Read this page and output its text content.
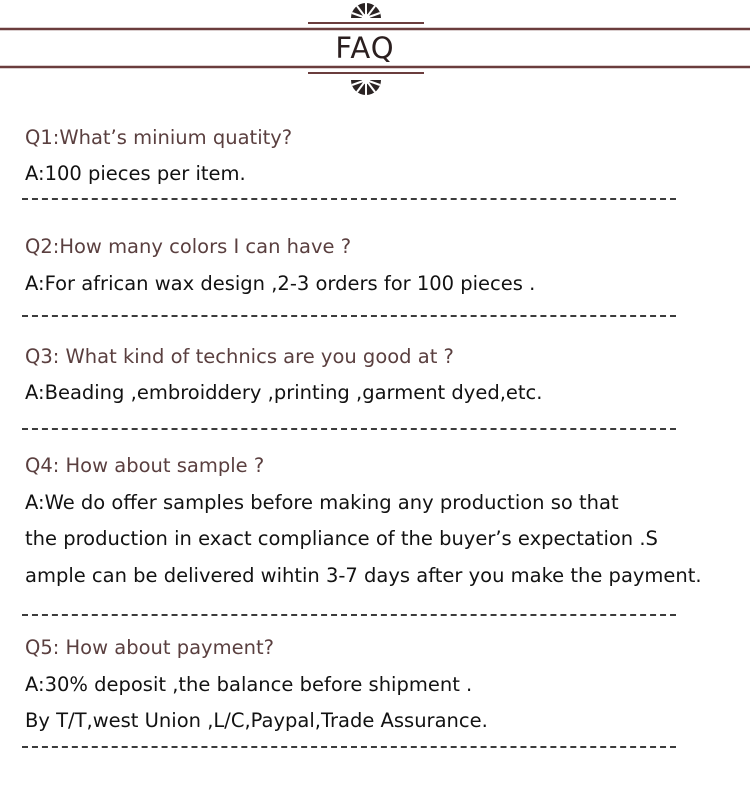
FAQ

Q1:What’s minium quatity?

A:100 pieces per item.

Q2:How many colors I can have ?

A:For african wax design ,2-3 orders for 100 pieces .

Q3: What kind of technics are you good at ?

A:Beading ,embroiddery ,printing ,garment dyed,etc.

Q4: How about sample ?

A:We do offer samples before making any production so that

the production in exact compliance of the buyer’s expectation .S

ample can be delivered wihtin 3-7 days after you make the payment.

Q5: How about payment?

A:30% deposit ,the balance before shipment .

By T/T,west Union ,L/C,Paypal,Trade Assurance.
